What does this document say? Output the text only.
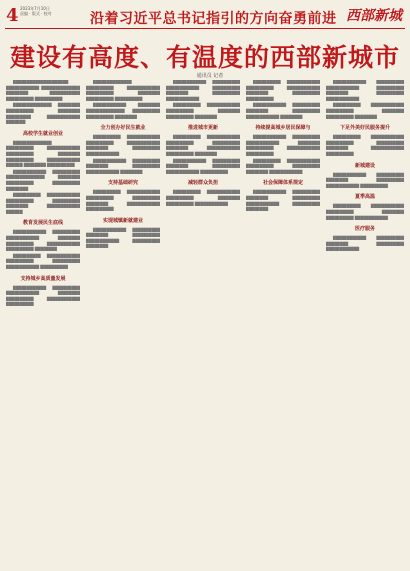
4 2023年7月10日
责编 · 版式 · 校对	沿着习近平总书记指引的方向奋勇前进 西部新城
建设有高度、有温度的西部新城市
通讯员 记者

████████████████████ ████████████ ██████████████ ████████ ███████████ ██████████ ██████████

██████████████ ████████ ██████████ ████████ █████████ ████████████ ███████

高校学生就业创业

██████████████ ██████████ ████████████ ██████████ ████████ ██████████ ████████████ ██████ ████████ ██████████

████████████ ██████████ ██████████████ ████████ ██████████ ██████████ ████████

██████████ ████████████ ██████████ ██████████ ████████ ████████████ ██████

教育发展民生底线

████████████ ██████████ ████████████ ████████ ██████████ ████████████ ██████████ ████████

██████████ ████████████ ██████████ ██████████ ████████████ ██████████

支持城乡高质量发展

████████████ ██████████ ████████████ ████████ ██████████ ████████████ ██████████

██████████████ ██████████ ████████████ ██████████ ████████ ██████████ ██████████

████████████ ████████ ██████████████ ██████████ ██████████ ████████

全力创办好民生就业

██████████ ████████████ ██████████ ████████████ ████████ ██████████ ████████████

████████████ ██████████ ████████ ██████████ ████████████ ████████

支持基础研究

██████████ ████████████ ██████████ ██████████ ████████ ████████████ ██████████

实现城镇新就建业

████████████ ██████████ ████████ ██████████ ████████████ ██████████ ████████

████████████ ██████████ ████████████ ██████████ ████████ ██████████ ████████████

██████████ ████████████ ██████████ ████████ ██████████ ████████

推进城市更新

██████████ ████████████ ██████████ ██████████ ████████ ████████████ ██████████ ████████

████████████ ██████████ ████████ ██████████ ████████████ ██████████

减轻群众负担

██████████ ████████████ ██████████ ████████ ██████████ ████████████

██████████ ████████████ ██████████ ████████████ ████████ ██████████ ██████████

████████████ ██████████ ████████ ██████████ ████████████ ████████

持续提高城乡居民保障与

████████████ ██████████ ████████████ ████████ ██████████ ████████████ ██████████

██████████ ████████████ ██████████ ██████████ ████████ ████████████

社会保障体系规定

████████████ ██████████ ████████ ██████████ ████████████ ██████████ ████████

████████████ ██████████ ████████████ ██████████ ████████ ██████████ ████████████

██████████ ████████████ ██████████ ████████ ██████████ ████████

下足外美好民服务提升

██████████ ████████████ ██████████ ██████████ ████████ ████████████ ██████████

新城建设

████████████ ██████████ ████████ ██████████ ████████████ ██████████

夏季高温

██████████ ████████████ ██████████ ████████ ██████████ ████████████

医疗服务

████████████ ██████████ ████████ ██████████ ████████████
